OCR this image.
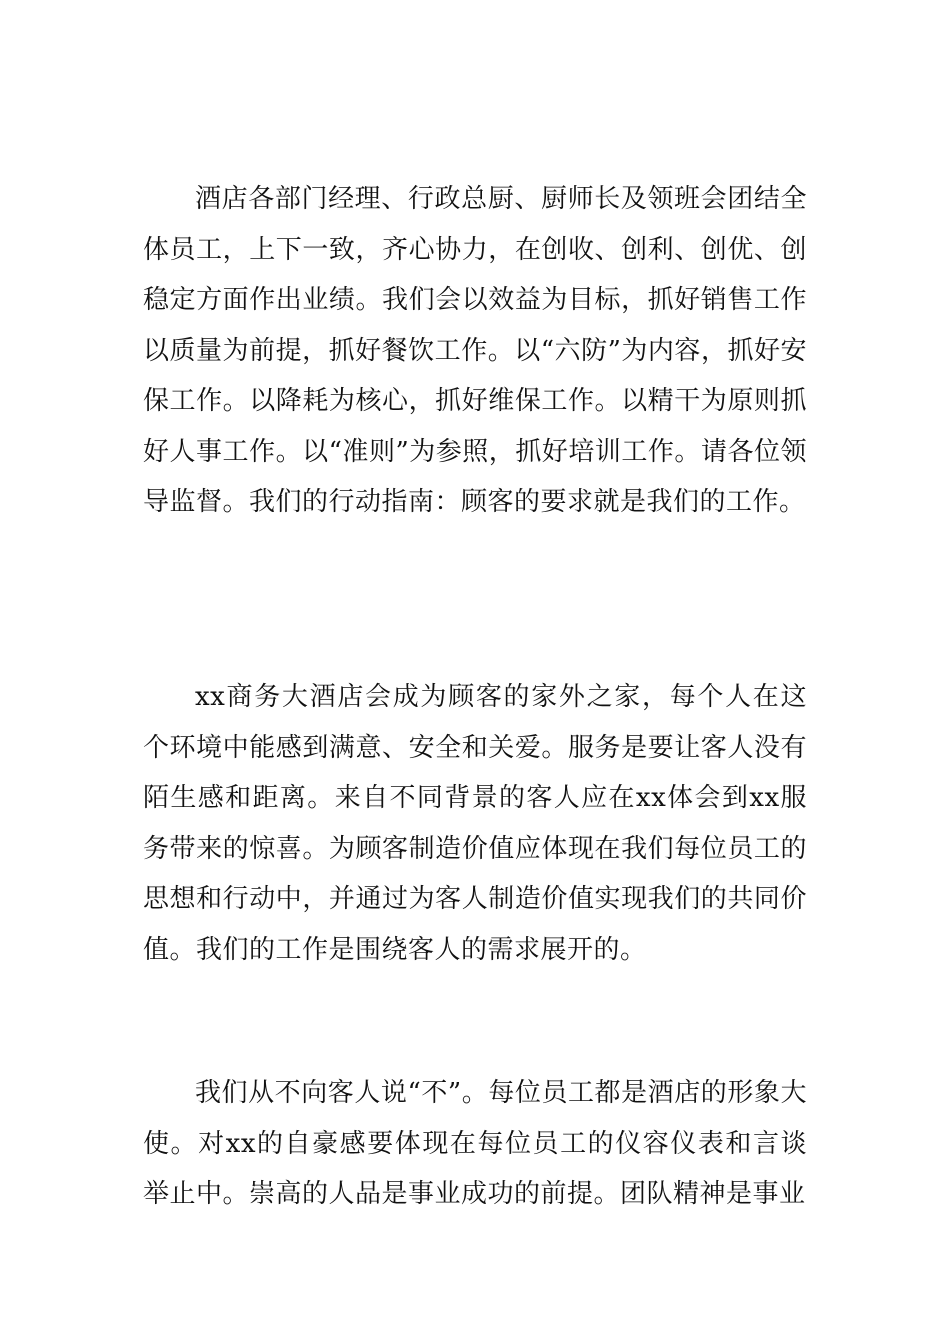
酒店各部门经理、行政总厨、厨师长及领班会团结全体员工，上下一致，齐心协力，在创收、创利、创优、创稳定方面作出业绩。我们会以效益为目标，抓好销售工作以质量为前提，抓好餐饮工作。以“六防”为内容，抓好安保工作。以降耗为核心，抓好维保工作。以精干为原则抓好人事工作。以“准则”为参照，抓好培训工作。请各位领导监督。我们的行动指南：顾客的要求就是我们的工作。

xx商务大酒店会成为顾客的家外之家，每个人在这个环境中能感到满意、安全和关爱。服务是要让客人没有陌生感和距离。来自不同背景的客人应在xx体会到xx服务带来的惊喜。为顾客制造价值应体现在我们每位员工的思想和行动中，并通过为客人制造价值实现我们的共同价值。我们的工作是围绕客人的需求展开的。

我们从不向客人说“不”。每位员工都是酒店的形象大使。对xx的自豪感要体现在每位员工的仪容仪表和言谈举止中。崇高的人品是事业成功的前提。团队精神是事业
